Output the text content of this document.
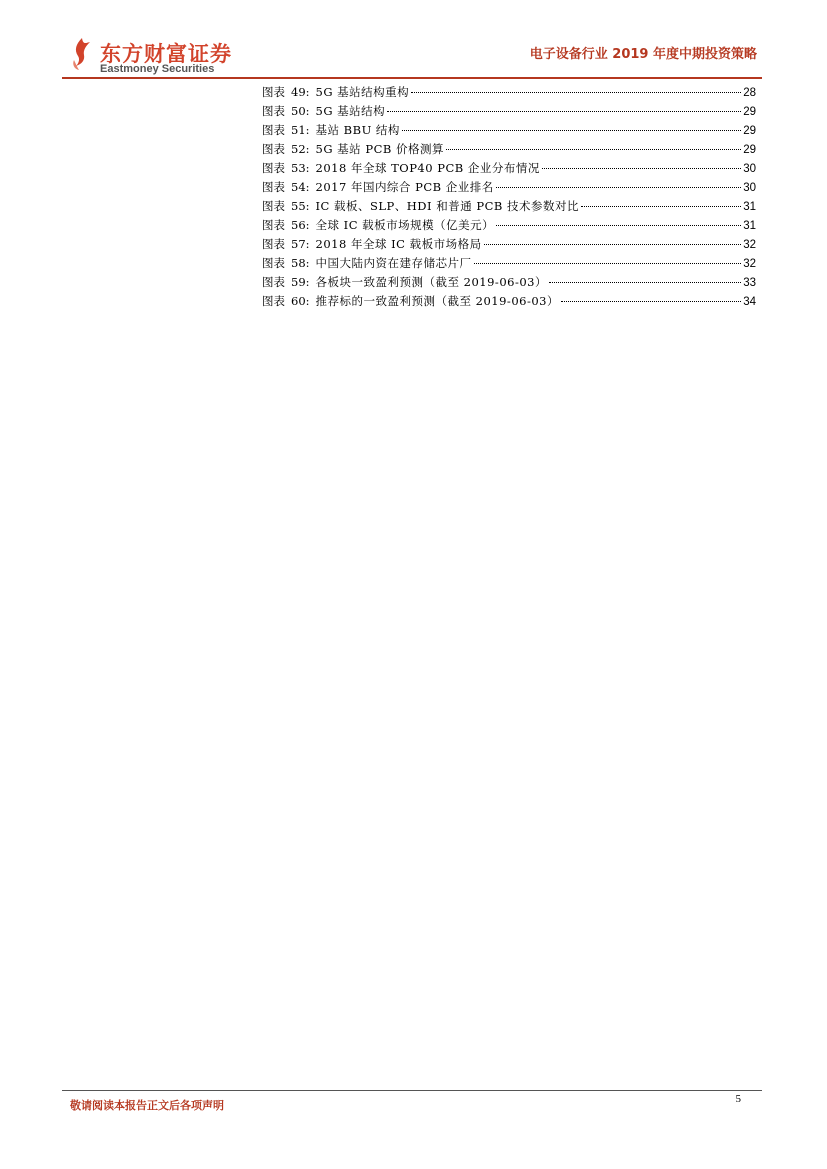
东方财富证券
Eastmoney Securities
电子设备行业 2019 年度中期投资策略
图表 49 : 5G 基站结构重构	28
图表 50 : 5G 基站结构	29
图表 51 : 基站 BBU 结构	29
图表 52 : 5G 基站 PCB 价格测算	29
图表 53 : 2018 年全球 TOP40 PCB 企业分布情况	30
图表 54 : 2017 年国内综合 PCB 企业排名	30
图表 55 : IC 载板、SLP、HDI 和普通 PCB 技术参数对比	31
图表 56 : 全球 IC 载板市场规模（亿美元）	31
图表 57 : 2018 年全球 IC 载板市场格局	32
图表 58 : 中国大陆内资在建存储芯片厂	32
图表 59 : 各板块一致盈利预测（截至 2019-06-03）	33
图表 60 : 推荐标的一致盈利预测（截至 2019-06-03）	34
敬请阅读本报告正文后各项声明	5
